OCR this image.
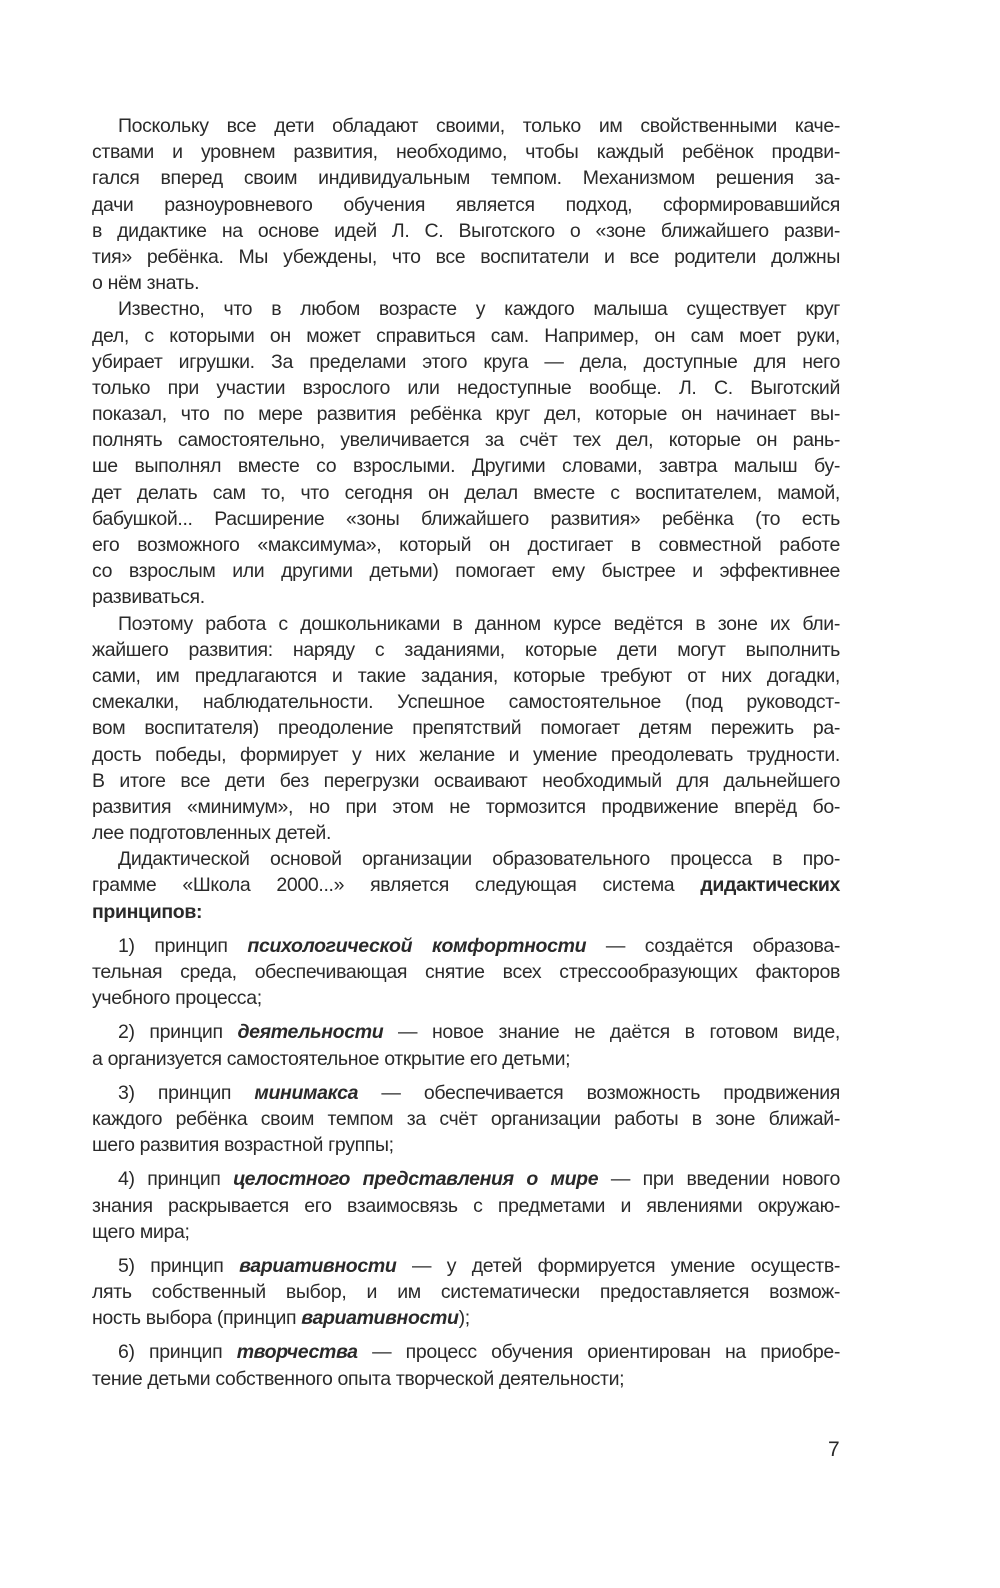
Поскольку все дети обладают своими, только им свойственными каче-
ствами и уровнем развития, необходимо, чтобы каждый ребёнок продви-
гался вперед своим индивидуальным темпом. Механизмом решения за-
дачи разноуровневого обучения является подход, сформировавшийся
в дидактике на основе идей Л. С. Выготского о «зоне ближайшего разви-
тия» ребёнка. Мы убеждены, что все воспитатели и все родители должны
о нём знать.
Известно, что в любом возрасте у каждого малыша существует круг
дел, с которыми он может справиться сам. Например, он сам моет руки,
убирает игрушки. За пределами этого круга — дела, доступные для него
только при участии взрослого или недоступные вообще. Л. С. Выготский
показал, что по мере развития ребёнка круг дел, которые он начинает вы-
полнять самостоятельно, увеличивается за счёт тех дел, которые он рань-
ше выполнял вместе со взрослыми. Другими словами, завтра малыш бу-
дет делать сам то, что сегодня он делал вместе с воспитателем, мамой,
бабушкой... Расширение «зоны ближайшего развития» ребёнка (то есть
его возможного «максимума», который он достигает в совместной работе
со взрослым или другими детьми) помогает ему быстрее и эффективнее
развиваться.
Поэтому работа с дошкольниками в данном курсе ведётся в зоне их бли-
жайшего развития: наряду с заданиями, которые дети могут выполнить
сами, им предлагаются и такие задания, которые требуют от них догадки,
смекалки, наблюдательности. Успешное самостоятельное (под руководст-
вом воспитателя) преодоление препятствий помогает детям пережить ра-
дость победы, формирует у них желание и умение преодолевать трудности.
В итоге все дети без перегрузки осваивают необходимый для дальнейшего
развития «минимум», но при этом не тормозится продвижение вперёд бо-
лее подготовленных детей.
Дидактической основой организации образовательного процесса в про-
грамме «Школа 2000...» является следующая система дидактических
принципов:
1) принцип психологической комфортности — создаётся образова-
тельная среда, обеспечивающая снятие всех стрессообразующих факторов
учебного процесса;
2) принцип деятельности — новое знание не даётся в готовом виде,
а организуется самостоятельное открытие его детьми;
3) принцип минимакса — обеспечивается возможность продвижения
каждого ребёнка своим темпом за счёт организации работы в зоне ближай-
шего развития возрастной группы;
4) принцип целостного представления о мире — при введении нового
знания раскрывается его взаимосвязь с предметами и явлениями окружаю-
щего мира;
5) принцип вариативности — у детей формируется умение осуществ-
лять собственный выбор, и им систематически предоставляется возмож-
ность выбора (принцип вариативности);
6) принцип творчества — процесс обучения ориентирован на приобре-
тение детьми собственного опыта творческой деятельности;
7
